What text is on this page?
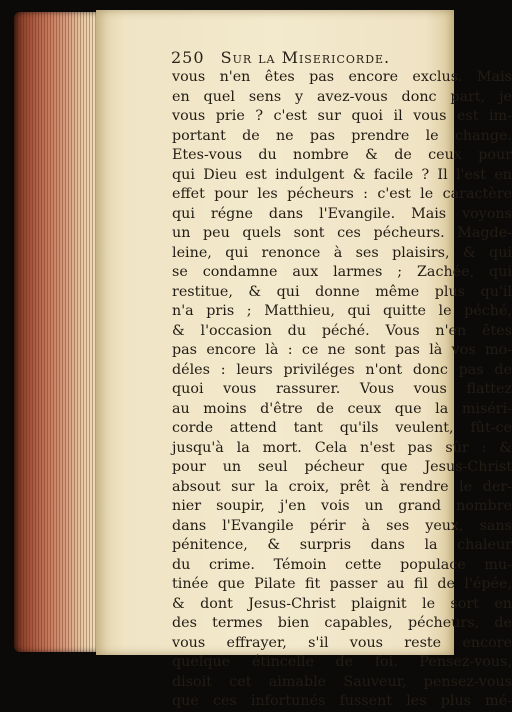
250 Sur la Misericorde.
vous n'en êtes pas encore exclus. Mais
en quel sens y avez-vous donc part, je
vous prie ? c'est sur quoi il vous est im-
portant de ne pas prendre le change.
Etes-vous du nombre & de ceux pour
qui Dieu est indulgent & facile ? Il l'est en
effet pour les pécheurs : c'est le caractère
qui régne dans l'Evangile. Mais voyons
un peu quels sont ces pécheurs. Magde-
leine, qui renonce à ses plaisirs, & qui
se condamne aux larmes ; Zachée, qui
restitue, & qui donne même plus qu'il
n'a pris ; Matthieu, qui quitte le péché,
& l'occasion du péché. Vous n'en êtes
pas encore là : ce ne sont pas là vos mo-
déles : leurs priviléges n'ont donc pas de
quoi vous rassurer. Vous vous flattez
au moins d'être de ceux que la miséri-
corde attend tant qu'ils veulent, fût-ce
jusqu'à la mort. Cela n'est pas sûr : &
pour un seul pécheur que Jesus-Christ
absout sur la croix, prêt à rendre le der-
nier soupir, j'en vois un grand nombre
dans l'Evangile périr à ses yeux, sans
pénitence, & surpris dans la chaleur
du crime. Témoin cette populace mu-
tinée que Pilate fit passer au fil de l'épée,
& dont Jesus-Christ plaignit le sort en
des termes bien capables, pécheurs, de
vous effrayer, s'il vous reste encore
quelque étincelle de foi. Pensez-vous,
disoit cet aimable Sauveur, pensez-vous
que ces infortunés fussent les plus mé-
